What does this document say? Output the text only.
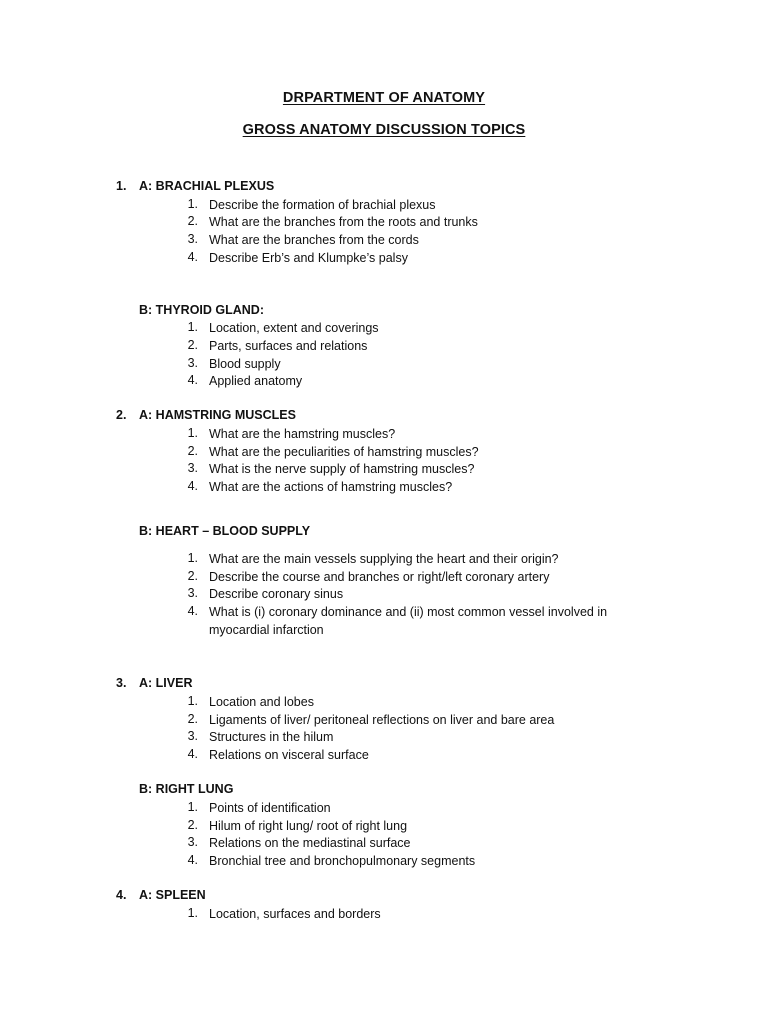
DRPARTMENT OF ANATOMY
GROSS ANATOMY DISCUSSION TOPICS
1. A: BRACHIAL PLEXUS
1. Describe the formation of brachial plexus
2. What are the branches from the roots and trunks
3. What are the branches from the cords
4. Describe Erb’s and Klumpke’s palsy
B: THYROID GLAND:
1. Location, extent and coverings
2. Parts, surfaces and relations
3. Blood supply
4. Applied anatomy
2. A: HAMSTRING MUSCLES
1. What are the hamstring muscles?
2. What are the peculiarities of hamstring muscles?
3. What is the nerve supply of hamstring muscles?
4. What are the actions of hamstring muscles?
B: HEART – BLOOD SUPPLY
1. What are the main vessels supplying the heart and their origin?
2. Describe the course and branches or right/left coronary artery
3. Describe coronary sinus
4. What is (i) coronary dominance and (ii) most common vessel involved in myocardial infarction
3. A: LIVER
1. Location and lobes
2. Ligaments of liver/ peritoneal reflections on liver and bare area
3. Structures in the hilum
4. Relations on visceral surface
B: RIGHT LUNG
1. Points of identification
2. Hilum of right lung/ root of right lung
3. Relations on the mediastinal surface
4. Bronchial tree and bronchopulmonary segments
4. A: SPLEEN
1. Location, surfaces and borders
